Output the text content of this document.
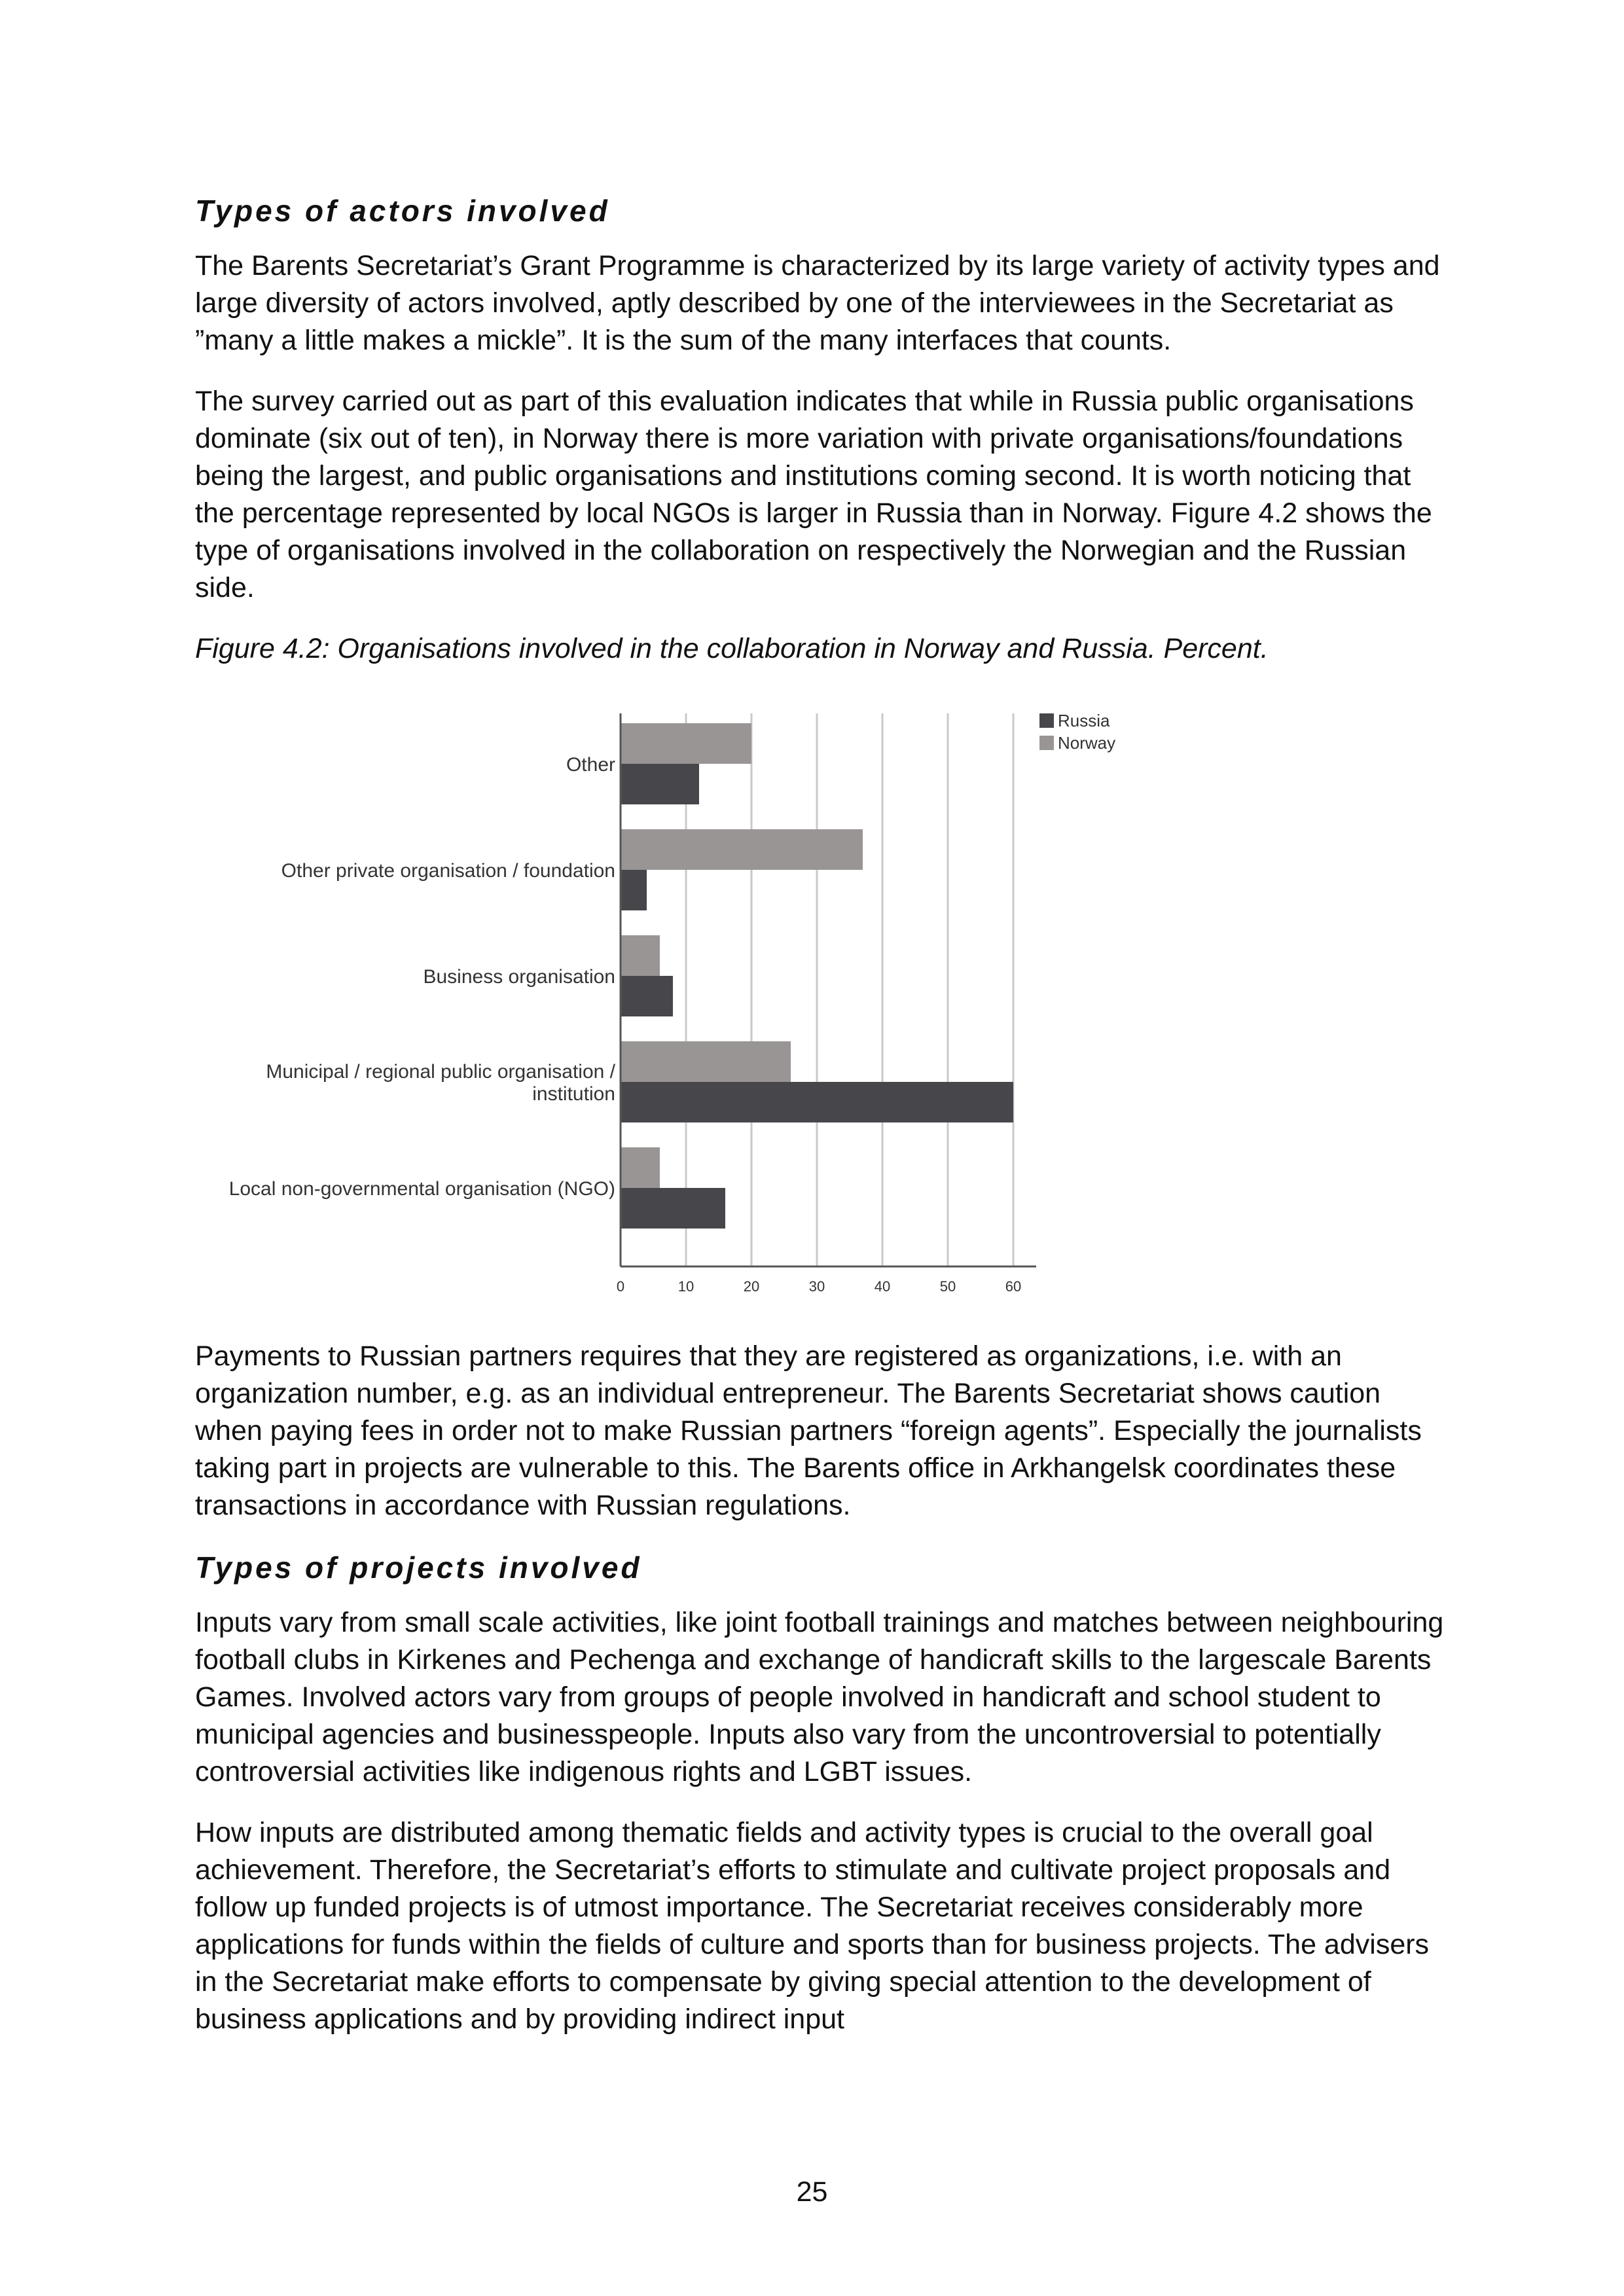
Types of actors involved

The Barents Secretariat’s Grant Programme is characterized by its large variety of activity types and large diversity of actors involved, aptly described by one of the interviewees in the Secretariat as ”many a little makes a mickle”. It is the sum of the many interfaces that counts.

The survey carried out as part of this evaluation indicates that while in Russia public organisations dominate (six out of ten), in Norway there is more variation with private organisations/foundations being the largest, and public organisations and institutions coming second. It is worth noticing that the percentage represented by local NGOs is larger in Russia than in Norway. Figure 4.2 shows the type of organisations involved in the collaboration on respectively the Norwegian and the Russian side.

Figure 4.2: Organisations involved in the collaboration in Norway and Russia. Percent.

Other
Other private organisation / foundation
Business organisation
Municipal / regional public organisation /
institution
Local non-governmental organisation (NGO)
0	10	20	30	40	50	60
Russia
Norway

Payments to Russian partners requires that they are registered as organizations, i.e. with an organization number, e.g. as an individual entrepreneur. The Barents Secretariat shows caution when paying fees in order not to make Russian partners “foreign agents”. Especially the journalists taking part in projects are vulnerable to this. The Barents office in Arkhangelsk coordinates these transactions in accordance with Russian regulations.

Types of projects involved

Inputs vary from small scale activities, like joint football trainings and matches between neighbouring football clubs in Kirkenes and Pechenga and exchange of handicraft skills to the largescale Barents Games. Involved actors vary from groups of people involved in handicraft and school student to municipal agencies and businesspeople. Inputs also vary from the uncontroversial to potentially controversial activities like indigenous rights and LGBT issues.

How inputs are distributed among thematic fields and activity types is crucial to the overall goal achievement. Therefore, the Secretariat’s efforts to stimulate and cultivate project proposals and follow up funded projects is of utmost importance. The Secretariat receives considerably more applications for funds within the fields of culture and sports than for business projects. The advisers in the Secretariat make efforts to compensate by giving special attention to the development of business applications and by providing indirect input

25
